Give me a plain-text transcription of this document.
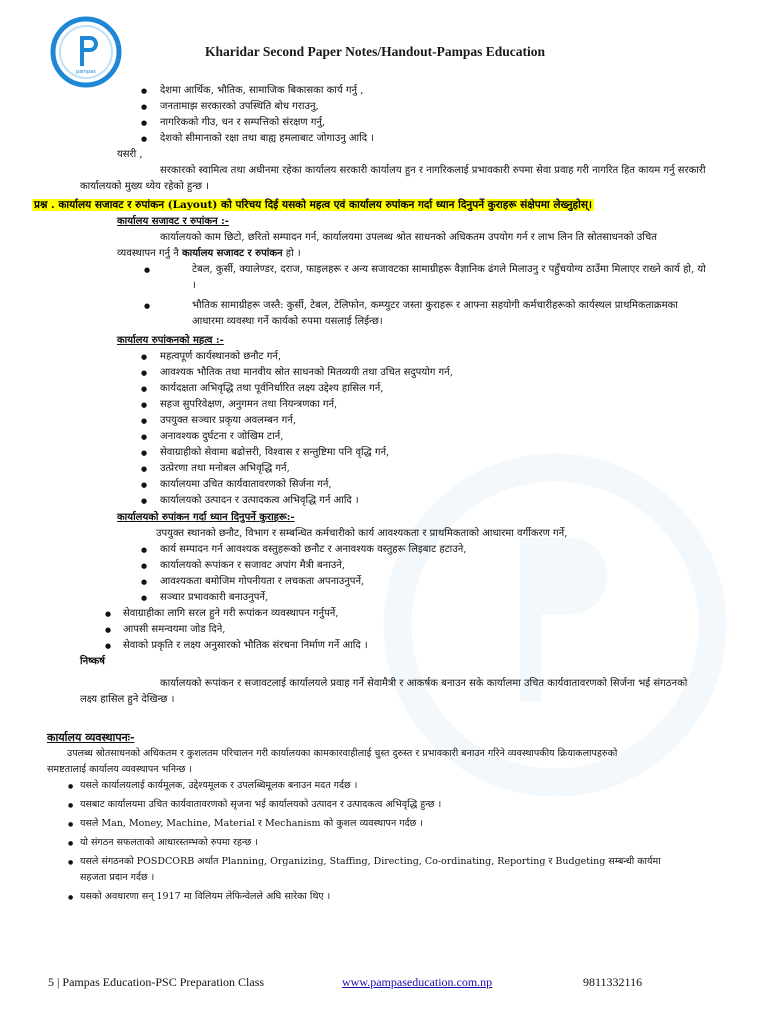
pampas
Kharidar Second Paper Notes/Handout-Pampas Education
● देशमा आर्थिक, भौतिक, सामाजिक बिकासका कार्य गर्नु ,
● जनतामाझ सरकारको उपस्थिति बोध गराउनु,
● नागरिकको गीउ, धन र सम्पत्तिको संरक्षण गर्नु,
● देशको सीमानाको रक्षा तथा बाह्य हमलाबाट जोगाउनु आदि ।
यसरी ,
सरकारको स्वामित्व तथा अधीनमा रहेका कार्यालय सरकारी कार्यालय हुन र नागरिकलाई प्रभावकारी रुपमा सेवा प्रवाह गरी नागरित हित कायम गर्नु सरकारी कार्यालयको मुख्य ध्येय रहेको हुन्छ ।
प्रश्न . कार्यालय सजावट र रुपांकन (Layout) को परिचय दिई यसको महत्व एवं कार्यालय रुपांकन गर्दा ध्यान दिनुपर्ने कुराहरू संक्षेपमा लेख्नुहोस्।
कार्यालय सजावट र रुपांकन :-
कार्यालयको काम छिटो, छरितो सम्पादन गर्न, कार्यालयमा उपलब्ध श्रोत साधनको अधिकतम उपयोग गर्न र लाभ लिन ति स्रोतसाधनको उचित
व्यवस्थापन गर्नु नै कार्यालय सजावट र रुपांकन हो ।
● टेबल, कुर्सी, क्यालेण्डर, दराज, फाइलहरू र अन्य सजावटका सामाग्रीहरू वैज्ञानिक ढंगले मिलाउनु र पहुँचयोग्य ठाउँमा मिलाएर राख्ने कार्य हो, यो ।
● भौतिक सामाग्रीहरू जस्तै: कुर्सी, टेबल, टेलिफोन, कम्प्युटर जस्ता कुराहरू र आफ्ना सहयोगी कर्मचारीहरूको कार्यस्थल प्राथमिकताक्रमका आधारमा व्यवस्था गर्ने कार्यको रुपमा यसलाई लिईन्छ।
कार्यालय रुपांकनको महत्व :-
● महत्वपूर्ण कार्यस्थानको छनौट गर्न,
● आवश्यक भौतिक तथा मानवीय स्रोत साधनको मितव्ययी तथा उचित सदुपयोग गर्न,
● कार्यदक्षता अभिवृद्धि तथा पूर्वनिर्धारित लक्ष्य उद्देश्य हासिल गर्न,
● सहज सुपरिवेक्षण, अनुगमन तथा नियन्त्रणका गर्न,
● उपयुक्त सञ्चार प्रकृया अवलम्बन गर्न,
● अनावश्यक दुर्घटना र जोखिम टार्न,
● सेवाग्राहीको सेवामा बढोत्तरी, विश्वास र सन्तुष्टिमा पनि वृद्धि गर्न,
● उत्प्रेरणा तथा मनोबल अभिवृद्धि गर्न,
● कार्यालयमा उचित कार्यवातावरणको सिर्जना गर्न,
● कार्यालयको उत्पादन र उत्पादकत्व अभिवृद्धि गर्न आदि ।
कार्यालयको रुपांकन गर्दा ध्यान दिनुपर्ने कुराहरू:-
उपयुक्त स्थानको छनौट, विभाग र सम्बन्धित कर्मचारीको कार्य आवश्यकता र प्राथमिकताको आधारमा वर्गीकरण गर्ने,
● कार्य सम्पादन गर्न आवश्यक वस्तुहरूको छनौट र अनावश्यक वस्तुहरू लिइबाट हटाउने,
● कार्यालयको रूपांकन र सजावट अपांग मैत्री बनाउने,
● आवश्यकता बमोजिम गोपनीयता र लचकता अपनाउनुपर्ने,
● सञ्चार प्रभावकारी बनाउनुपर्ने,
● सेवाग्राहीका लागि सरल हुने गरी रूपांकन व्यवस्थापन गर्नुपर्ने,
● आपसी समन्वयमा जोड दिने,
● सेवाको प्रकृति र लक्ष्य अनुसारको भौतिक संरचना निर्माण गर्ने आदि ।
निष्कर्ष
कार्यालयको रूपांकन र सजावटलाई कार्यालयले प्रवाह गर्ने सेवामैत्री र आकर्षक बनाउन सके कार्यालमा उचित कार्यवातावरणको सिर्जना भई संगठनको
लक्ष्य हासिल हुने देखिन्छ ।
कार्यालय व्यवस्थापनः-
उपलब्ध स्रोतसाधनको अधिकतम र कुशलतम परिचालन गरी कार्यालयका कामकारवाहीलाई चुस्त दुरुस्त र प्रभावकारी बनाउन गरिने व्यवस्थापकीय क्रियाकलापहरुको
समष्टतालाई कार्यालय व्यवस्थापन भनिन्छ ।
● यसले कार्यालयलाई कार्यमूलक, उद्देश्यमूलक र उपलब्धिमूलक बनाउन मदत गर्दछ ।
● यसबाट कार्यालयमा उचित कार्यवातावरणको सृजना भई कार्यालयको उत्पादन र उत्पादकत्व अभिवृद्धि हुन्छ ।
● यसले Man, Money, Machine, Material र Mechanism को कुशल व्यवस्थापन गर्दछ ।
● यो संगठन सफलताको आधारस्तम्भको रुपमा रहन्छ ।
● यसले संगठनको POSDCORB अर्थात Planning, Organizing, Staffing, Directing, Co-ordinating, Reporting र Budgeting सम्बन्धी कार्यमा
सहजता प्रदान गर्दछ ।
● यसको अवधारणा सन् 1917 मा विलियम लेफिन्वेलले अघि सारेका थिए ।
5 | Pampas Education-PSC Preparation Class	www.pampaseducation.com.np	9811332116
